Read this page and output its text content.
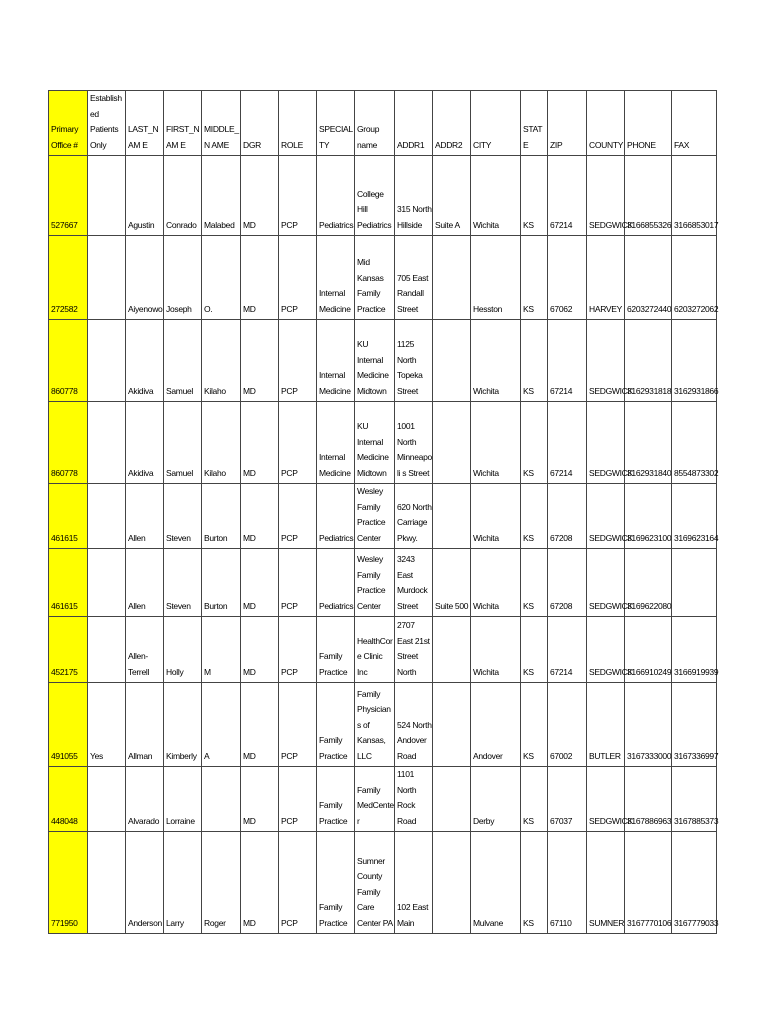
Primary Office #	Established Patients Only	LAST_NAM E	FIRST_NAM E	MIDDLE_N AME	DGR	ROLE	SPECIALTY	Group name	ADDR1	ADDR2	CITY	STATE	ZIP	COUNTY	PHONE	FAX
527667		Agustin	Conrado	Malabed	MD	PCP	Pediatrics	College Hill Pediatrics	315 North Hillside	Suite A	Wichita	KS	67214	SEDGWICK	3166855326	3166853017
272582		Aiyenowo	Joseph	O.	MD	PCP	Internal Medicine	Mid Kansas Family Practice	705 East Randall Street		Hesston	KS	67062	HARVEY	6203272440	6203272062
860778		Akidiva	Samuel	Kilaho	MD	PCP	Internal Medicine	KU Internal Medicine Midtown	1125 North Topeka Street		Wichita	KS	67214	SEDGWICK	3162931818	3162931866
860778		Akidiva	Samuel	Kilaho	MD	PCP	Internal Medicine	KU Internal Medicine Midtown	1001 North Minneapoli s Street		Wichita	KS	67214	SEDGWICK	3162931840	8554873302
461615		Allen	Steven	Burton	MD	PCP	Pediatrics	Wesley Family Practice Center	620 North Carriage Pkwy.		Wichita	KS	67208	SEDGWICK	3169623100	3169623164
461615		Allen	Steven	Burton	MD	PCP	Pediatrics	Wesley Family Practice Center	3243 East Murdock Street	Suite 500	Wichita	KS	67208	SEDGWICK	3169622080	
452175		Allen-Terrell	Holly	M	MD	PCP	Family Practice	HealthCore Clinic Inc	2707 East 21st Street North		Wichita	KS	67214	SEDGWICK	3166910249	3166919939
491055	Yes	Allman	Kimberly	A	MD	PCP	Family Practice	Family Physicians of Kansas, LLC	524 North Andover Road		Andover	KS	67002	BUTLER	3167333000	3167336997
448048		Alvarado	Lorraine		MD	PCP	Family Practice	Family MedCenter	1101 North Rock Road		Derby	KS	67037	SEDGWICK	3167886963	3167885373
771950		Anderson	Larry	Roger	MD	PCP	Family Practice	Sumner County Family Care Center PA	102 East Main		Mulvane	KS	67110	SUMNER	3167770106	3167779033
